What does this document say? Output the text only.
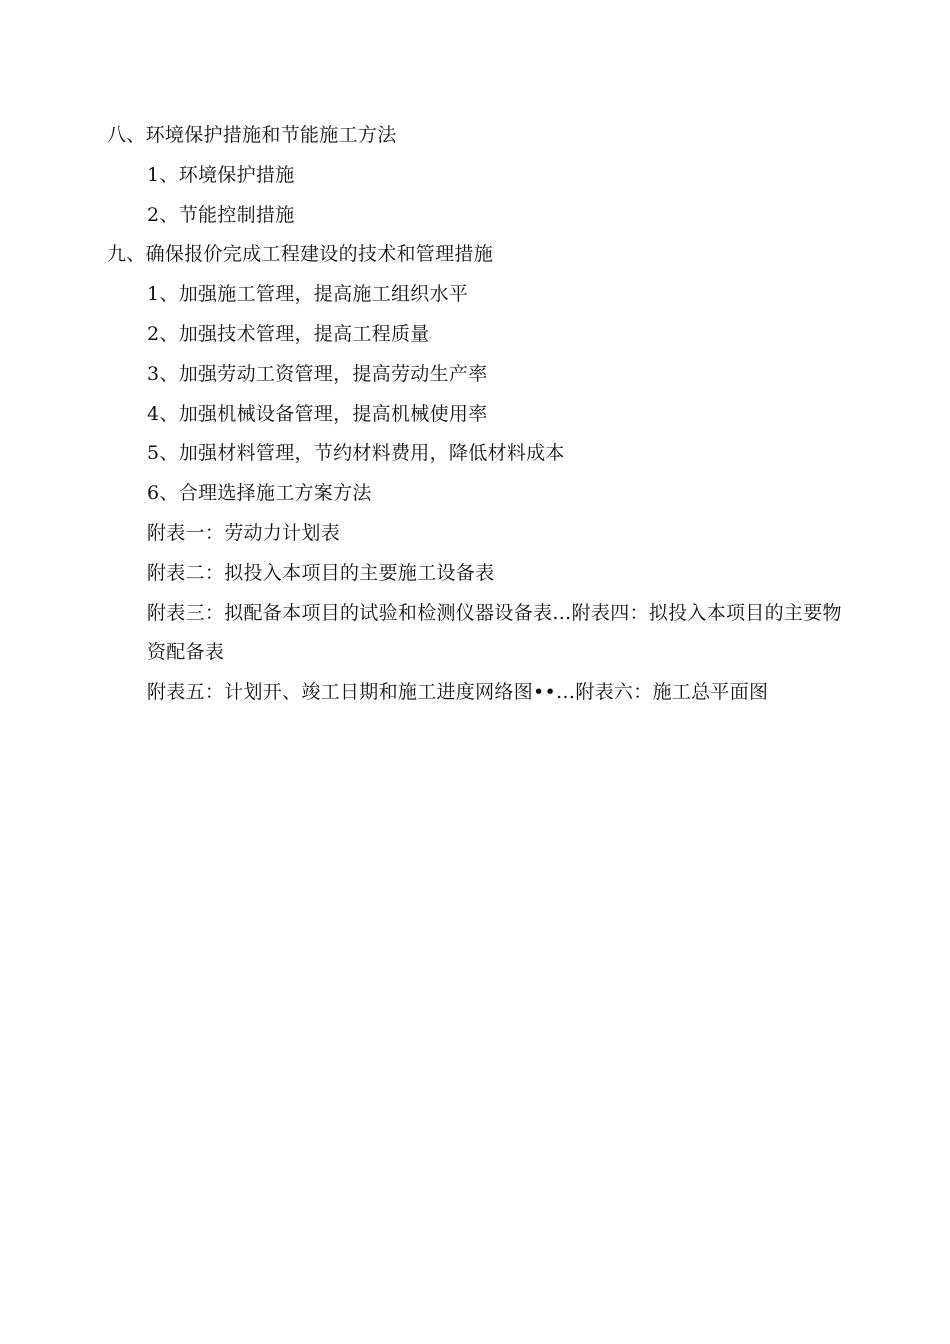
八、环境保护措施和节能施工方法
1、环境保护措施
2、节能控制措施
九、确保报价完成工程建设的技术和管理措施
1、加强施工管理，提高施工组织水平
2、加强技术管理，提高工程质量
3、加强劳动工资管理，提高劳动生产率
4、加强机械设备管理，提高机械使用率
5、加强材料管理，节约材料费用，降低材料成本
6、合理选择施工方案方法
附表一：劳动力计划表
附表二：拟投入本项目的主要施工设备表
附表三：拟配备本项目的试验和检测仪器设备表…附表四：拟投入本项目的主要物资配备表
附表五：计划开、竣工日期和施工进度网络图••…附表六：施工总平面图
